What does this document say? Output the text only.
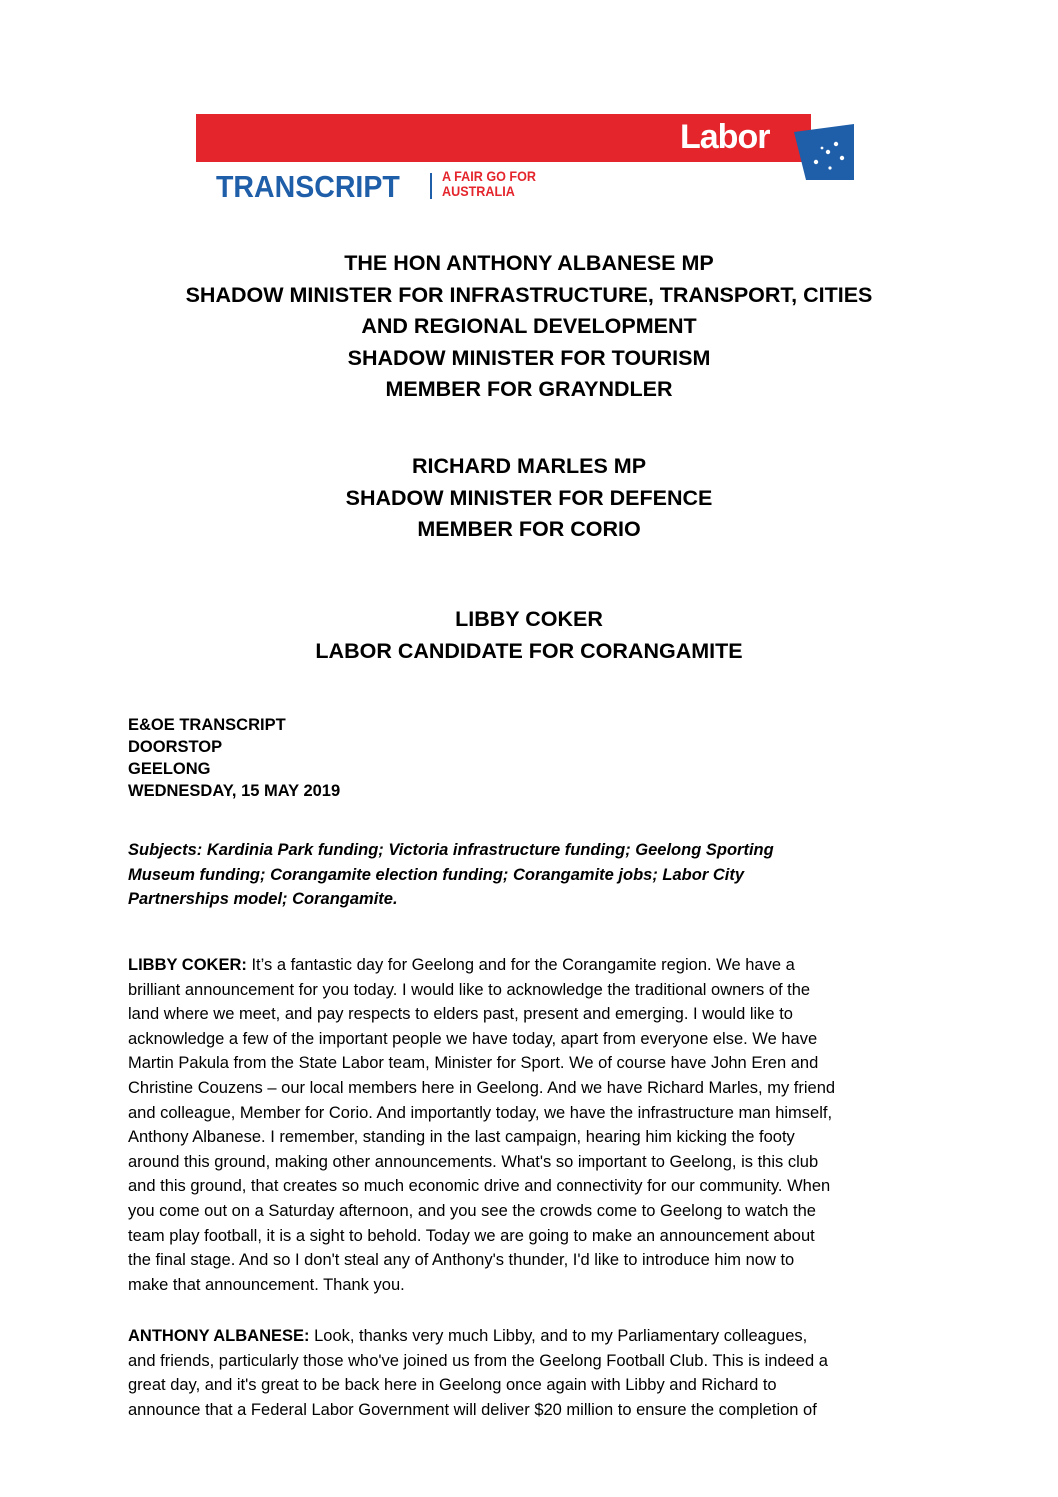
Labor
TRANSCRIPT	A FAIR GO FOR
AUSTRALIA
THE HON ANTHONY ALBANESE MP
SHADOW MINISTER FOR INFRASTRUCTURE, TRANSPORT, CITIES
AND REGIONAL DEVELOPMENT
SHADOW MINISTER FOR TOURISM
MEMBER FOR GRAYNDLER
RICHARD MARLES MP
SHADOW MINISTER FOR DEFENCE
MEMBER FOR CORIO
LIBBY COKER
LABOR CANDIDATE FOR CORANGAMITE
E&OE TRANSCRIPT
DOORSTOP
GEELONG
WEDNESDAY, 15 MAY 2019
Subjects: Kardinia Park funding; Victoria infrastructure funding; Geelong Sporting
Museum funding; Corangamite election funding; Corangamite jobs; Labor City
Partnerships model; Corangamite.
LIBBY COKER: It’s a fantastic day for Geelong and for the Corangamite region. We have a
brilliant announcement for you today. I would like to acknowledge the traditional owners of the
land where we meet, and pay respects to elders past, present and emerging. I would like to
acknowledge a few of the important people we have today, apart from everyone else. We have
Martin Pakula from the State Labor team, Minister for Sport. We of course have John Eren and
Christine Couzens – our local members here in Geelong. And we have Richard Marles, my friend
and colleague, Member for Corio. And importantly today, we have the infrastructure man himself,
Anthony Albanese. I remember, standing in the last campaign, hearing him kicking the footy
around this ground, making other announcements. What's so important to Geelong, is this club
and this ground, that creates so much economic drive and connectivity for our community. When
you come out on a Saturday afternoon, and you see the crowds come to Geelong to watch the
team play football, it is a sight to behold. Today we are going to make an announcement about
the final stage. And so I don't steal any of Anthony's thunder, I'd like to introduce him now to
make that announcement. Thank you.
ANTHONY ALBANESE: Look, thanks very much Libby, and to my Parliamentary colleagues,
and friends, particularly those who've joined us from the Geelong Football Club. This is indeed a
great day, and it's great to be back here in Geelong once again with Libby and Richard to
announce that a Federal Labor Government will deliver $20 million to ensure the completion of
